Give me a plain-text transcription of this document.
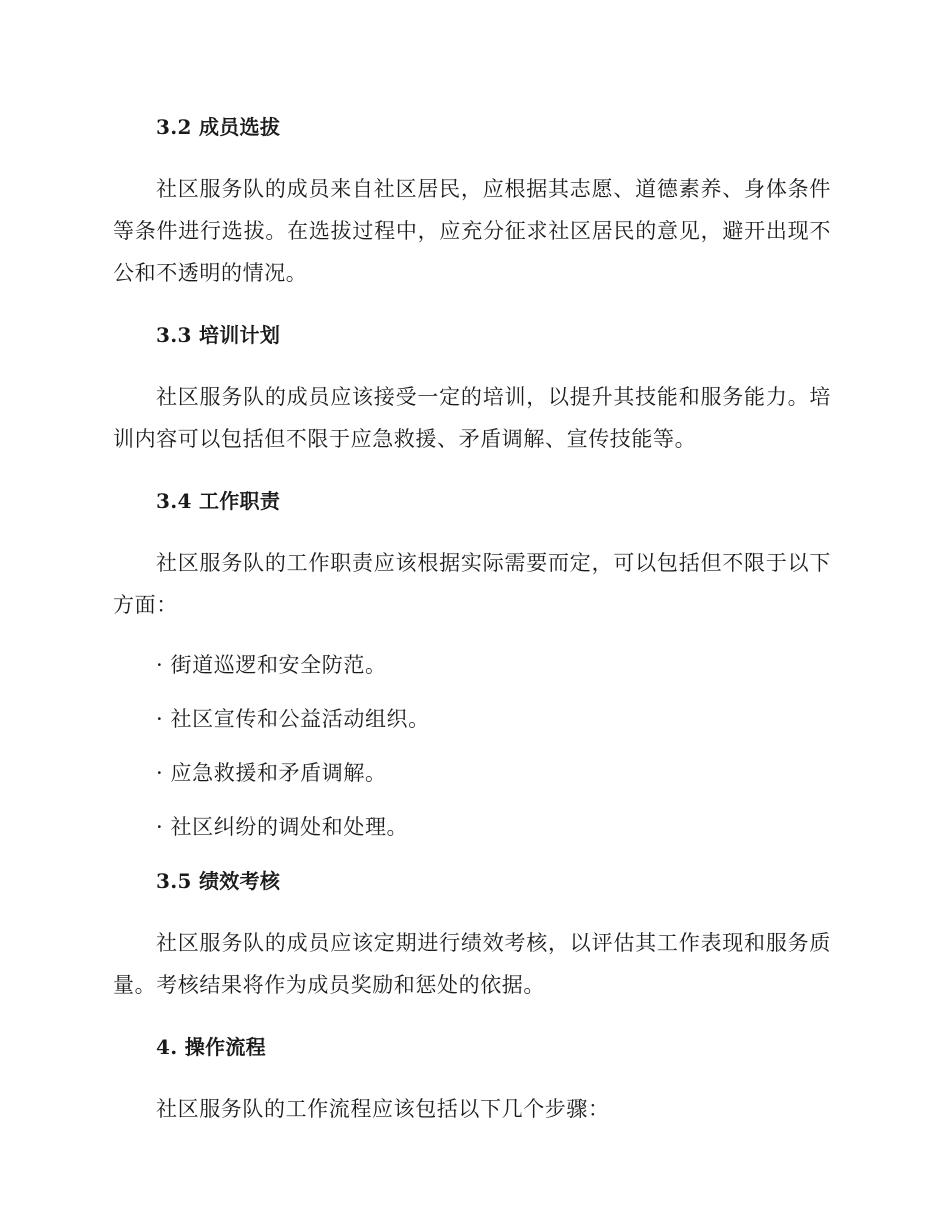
3.2 成员选拔

社区服务队的成员来自社区居民，应根据其志愿、道德素养、身体条件等条件进行选拔。在选拔过程中，应充分征求社区居民的意见，避开出现不公和不透明的情况。

3.3 培训计划

社区服务队的成员应该接受一定的培训，以提升其技能和服务能力。培训内容可以包括但不限于应急救援、矛盾调解、宣传技能等。

3.4 工作职责

社区服务队的工作职责应该根据实际需要而定，可以包括但不限于以下方面：

· 街道巡逻和安全防范。

· 社区宣传和公益活动组织。

· 应急救援和矛盾调解。

· 社区纠纷的调处和处理。

3.5 绩效考核

社区服务队的成员应该定期进行绩效考核，以评估其工作表现和服务质量。考核结果将作为成员奖励和惩处的依据。

4. 操作流程

社区服务队的工作流程应该包括以下几个步骤：
